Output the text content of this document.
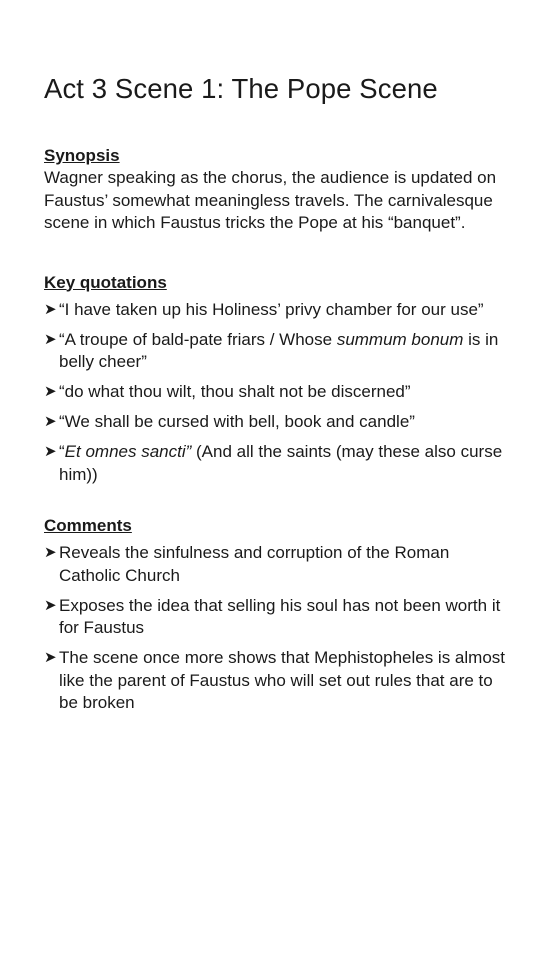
Act 3 Scene 1: The Pope Scene

Synopsis

Wagner speaking as the chorus, the audience is updated on Faustus’ somewhat meaningless travels. The carnivalesque scene in which Faustus tricks the Pope at his “banquet”.

Key quotations

➤ “I have taken up his Holiness’ privy chamber for our use”
➤ “A troupe of bald-pate friars / Whose summum bonum is in belly cheer”
➤ “do what thou wilt, thou shalt not be discerned”
➤ “We shall be cursed with bell, book and candle”
➤ “Et omnes sancti” (And all the saints (may these also curse him))

Comments

➤ Reveals the sinfulness and corruption of the Roman Catholic Church
➤ Exposes the idea that selling his soul has not been worth it for Faustus
➤ The scene once more shows that Mephistopheles is almost like the parent of Faustus who will set out rules that are to be broken
